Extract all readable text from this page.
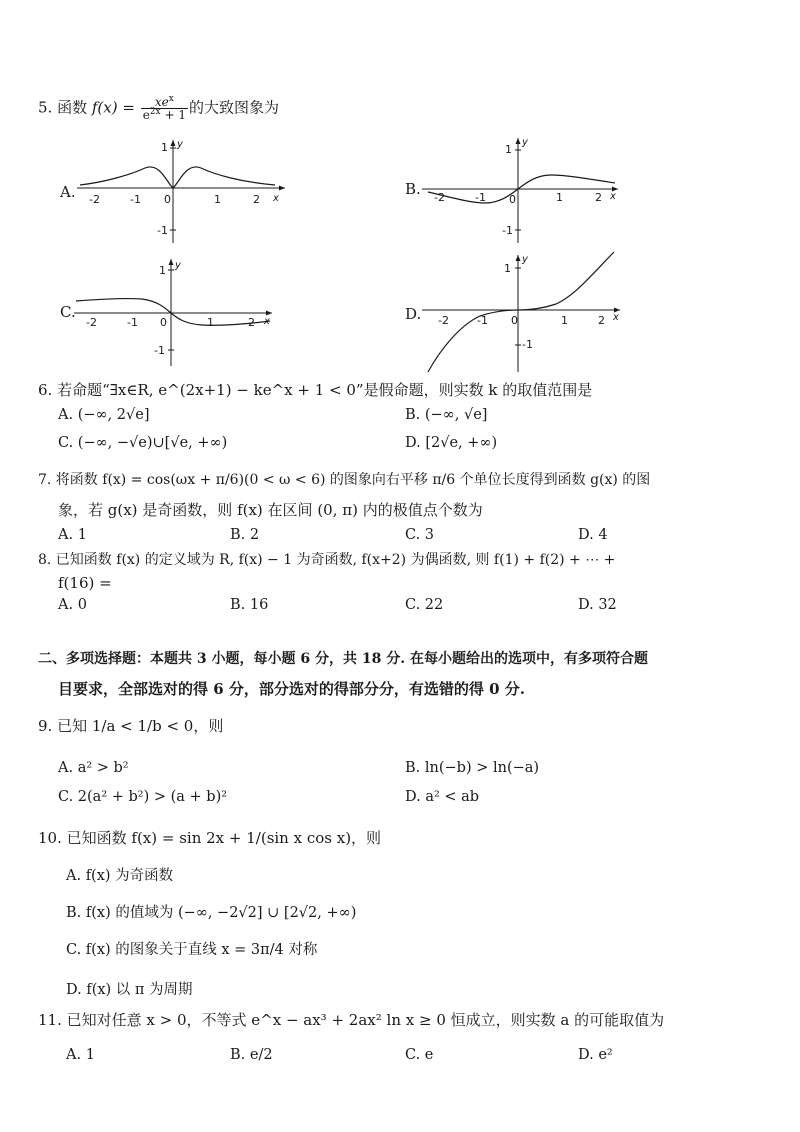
5. 函数 $f(x) = \frac{xe^x}{e^{2x} + 1}$ 的大致图象为
A.
1 y
-1
-2	-1 0	1	2 x
B.
1
y
-1
-2	-1 0	1	2 x
C.
1 y
-1
-2	-1 0	1	2 x	D.
1
y
-1
-2	-1 0	1	2 x
6. 若命题“∃x∈R, e^(2x+1) − ke^x + 1 < 0”是假命题，则实数 k 的取值范围是
A. (−∞, 2√e]	B. (−∞, √e]
C. (−∞, −√e)∪[√e, +∞)	D. [2√e, +∞)
7. 将函数 f(x) = cos(ωx + π/6)(0 < ω < 6) 的图象向右平移 π/6 个单位长度得到函数 g(x) 的图
象，若 g(x) 是奇函数，则 f(x) 在区间 (0, π) 内的极值点个数为
A. 1	B. 2	C. 3	D. 4
8. 已知函数 f(x) 的定义域为 R, f(x) − 1 为奇函数, f(x+2) 为偶函数, 则 f(1) + f(2) + ⋯ +
f(16) =
A. 0	B. 16	C. 22	D. 32
二、多项选择题：本题共 3 小题，每小题 6 分，共 18 分. 在每小题给出的选项中，有多项符合题
目要求，全部选对的得 6 分，部分选对的得部分分，有选错的得 0 分.
9. 已知 1/a < 1/b < 0，则
A. a² > b²	B. ln(−b) > ln(−a)
C. 2(a² + b²) > (a + b)²	D. a² < ab
10. 已知函数 f(x) = sin 2x + 1/(sin x cos x)，则
A. f(x) 为奇函数
B. f(x) 的值域为 (−∞, −2√2] ∪ [2√2, +∞)
C. f(x) 的图象关于直线 x = 3π/4 对称
D. f(x) 以 π 为周期
11. 已知对任意 x > 0，不等式 e^x − ax³ + 2ax² ln x ≥ 0 恒成立，则实数 a 的可能取值为
A. 1	B. e/2	C. e	D. e²
